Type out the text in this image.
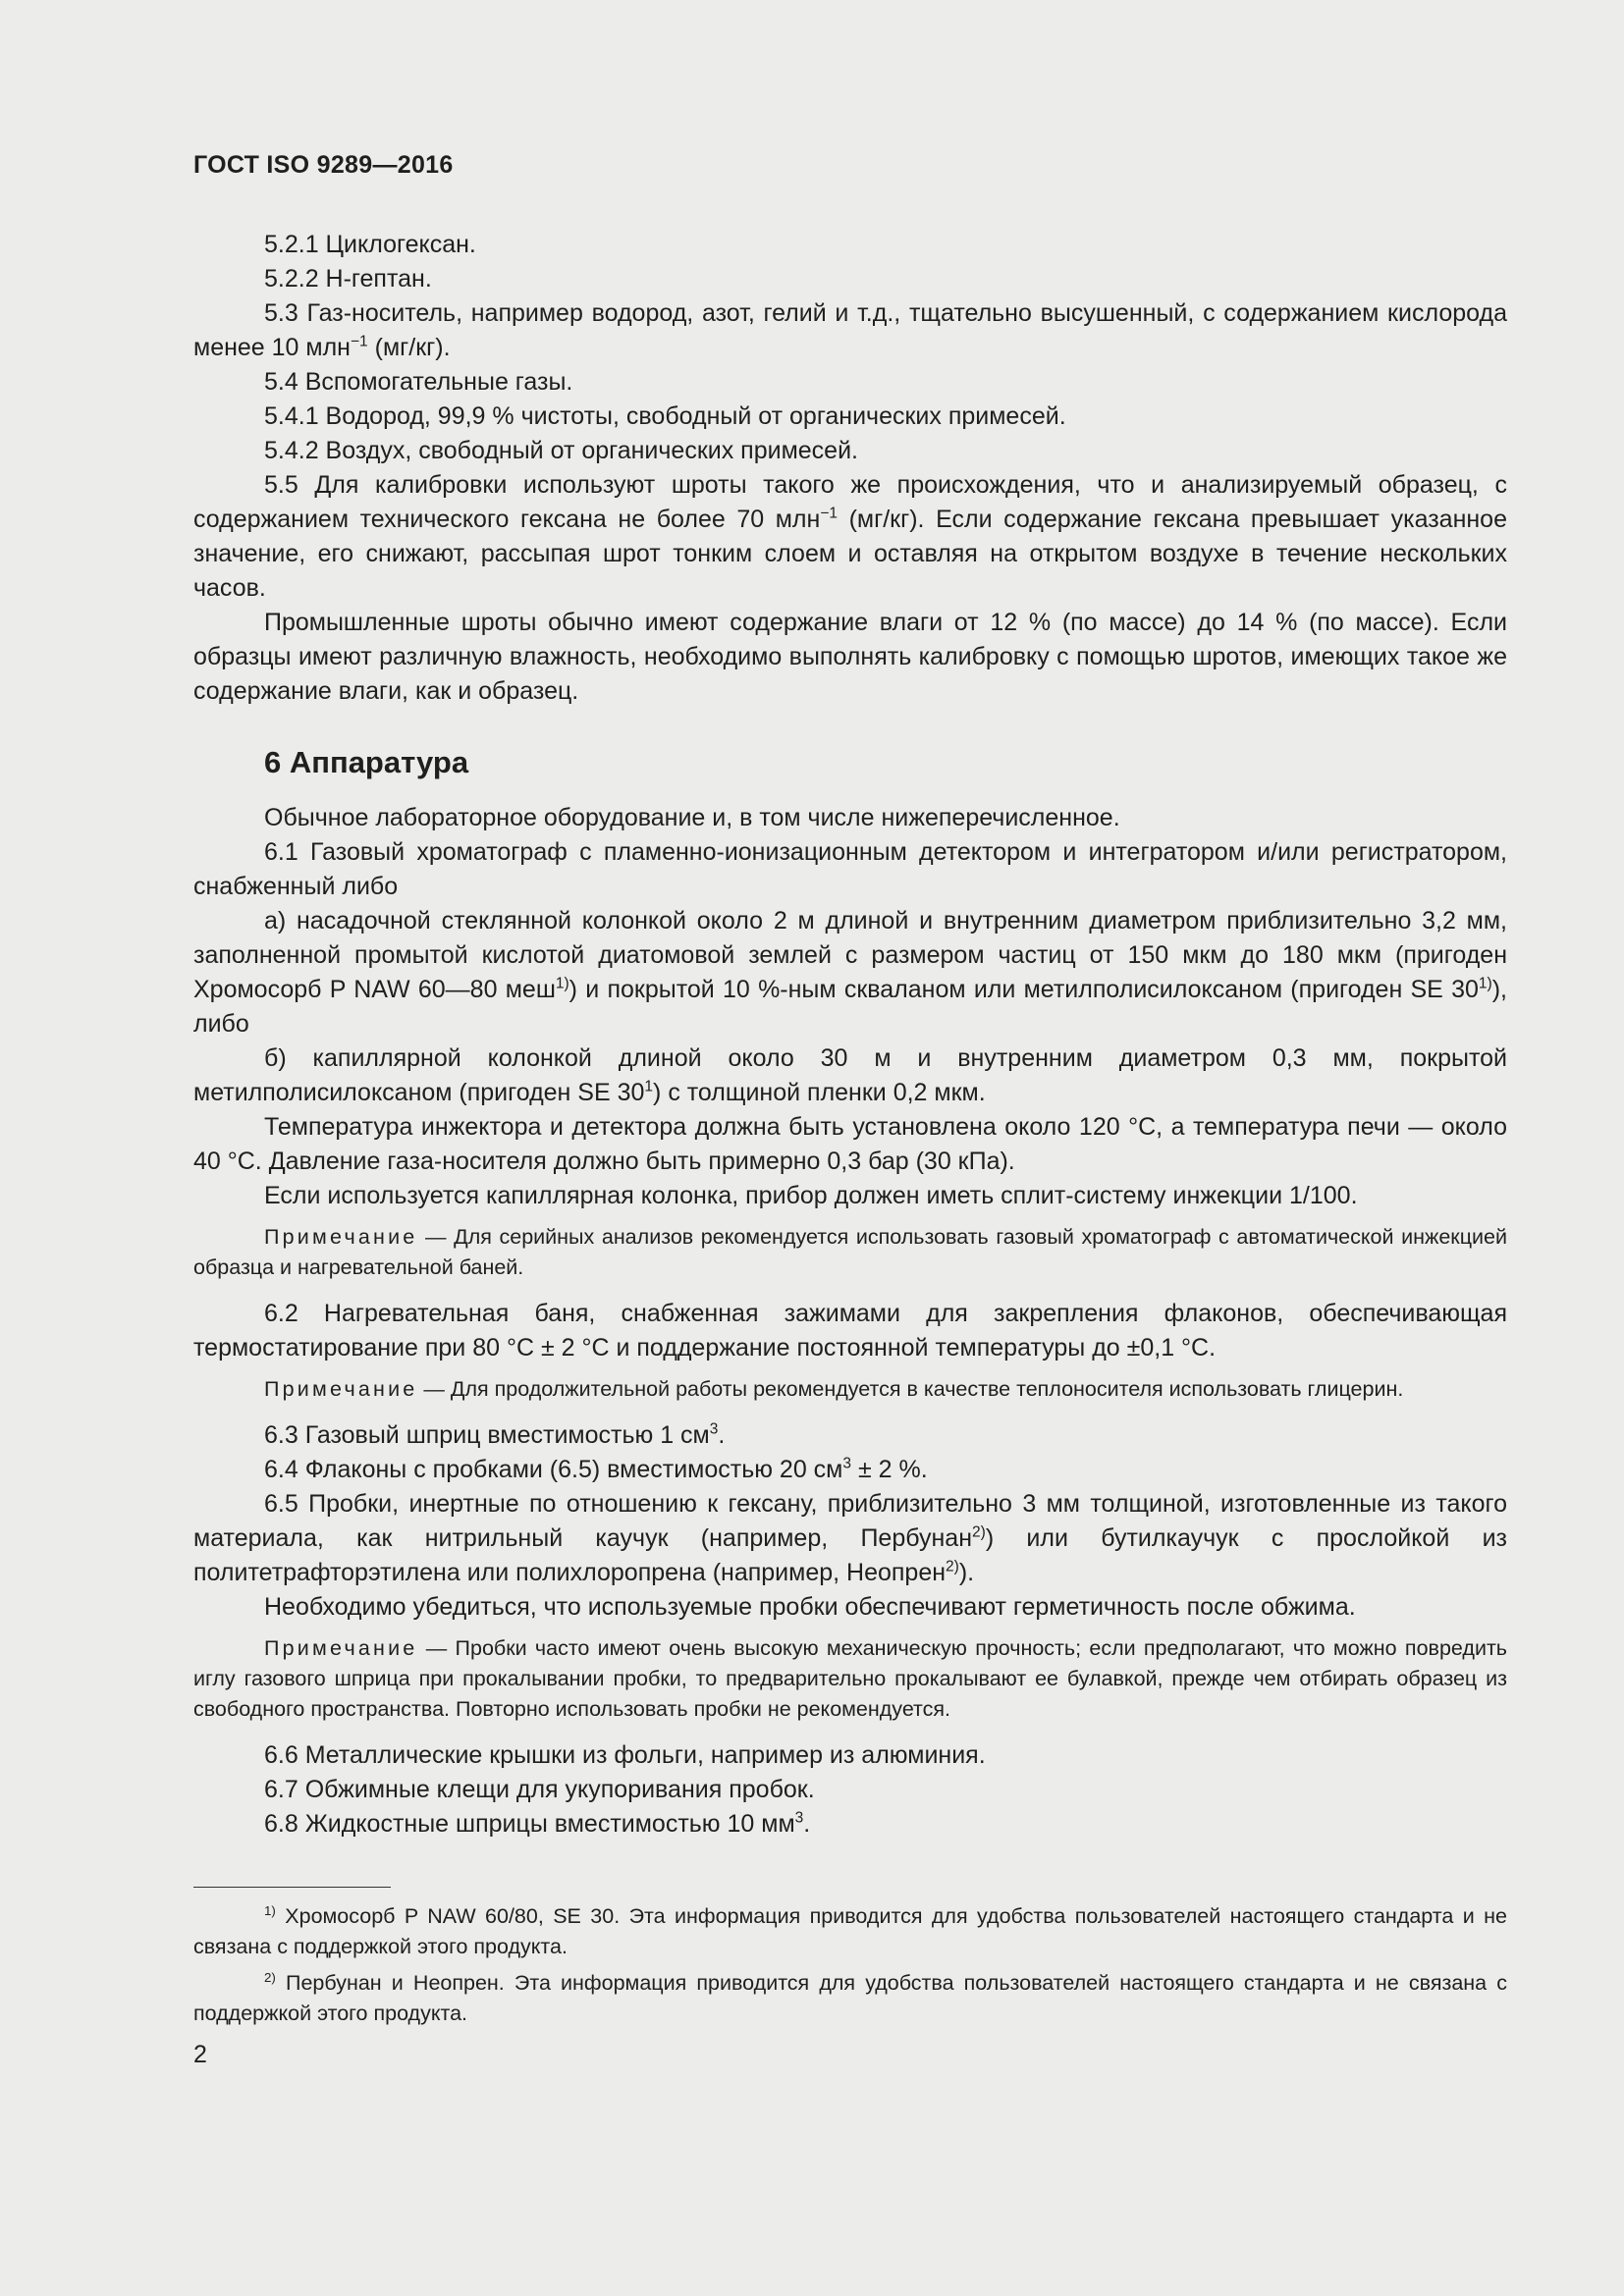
ГОСТ ISO 9289—2016

5.2.1 Циклогексан.

5.2.2 Н-гептан.

5.3 Газ-носитель, например водород, азот, гелий и т.д., тщательно высушенный, с содержанием кислорода менее 10 млн$^{-1}$ (мг/кг).

5.4 Вспомогательные газы.

5.4.1 Водород, 99,9 % чистоты, свободный от органических примесей.

5.4.2 Воздух, свободный от органических примесей.

5.5 Для калибровки используют шроты такого же происхождения, что и анализируемый образец, с содержанием технического гексана не более 70 млн$^{-1}$ (мг/кг). Если содержание гексана превышает указанное значение, его снижают, рассыпая шрот тонким слоем и оставляя на открытом воздухе в течение нескольких часов.

Промышленные шроты обычно имеют содержание влаги от 12 % (по массе) до 14 % (по массе). Если образцы имеют различную влажность, необходимо выполнять калибровку с помощью шротов, имеющих такое же содержание влаги, как и образец.

6 Аппаратура

Обычное лабораторное оборудование и, в том числе нижеперечисленное.

6.1 Газовый хроматограф с пламенно-ионизационным детектором и интегратором и/или регистратором, снабженный либо

а) насадочной стеклянной колонкой около 2 м длиной и внутренним диаметром приблизительно 3,2 мм, заполненной промытой кислотой диатомовой землей с размером частиц от 150 мкм до 180 мкм (пригоден Хромосорб P NAW 60—80 меш$^{1)}$) и покрытой 10 %-ным скваланом или метилполисилоксаном (пригоден SE 30$^{1)}$), либо

б) капиллярной колонкой длиной около 30 м и внутренним диаметром 0,3 мм, покрытой метилполисилоксаном (пригоден SE $30^1$) с толщиной пленки 0,2 мкм.

Температура инжектора и детектора должна быть установлена около 120 °С, а температура печи — около 40 °С. Давление газа-носителя должно быть примерно 0,3 бар (30 кПа).

Если используется капиллярная колонка, прибор должен иметь сплит-систему инжекции 1/100.

Примечание — Для серийных анализов рекомендуется использовать газовый хроматограф с автоматической инжекцией образца и нагревательной баней.

6.2 Нагревательная баня, снабженная зажимами для закрепления флаконов, обеспечивающая термостатирование при 80 °С ± 2 °С и поддержание постоянной температуры до ±0,1 °С.

Примечание — Для продолжительной работы рекомендуется в качестве теплоносителя использовать глицерин.

6.3 Газовый шприц вместимостью 1 $см^3$.

6.4 Флаконы с пробками (6.5) вместимостью 20 $см^3 \pm 2$ %.

6.5 Пробки, инертные по отношению к гексану, приблизительно 3 мм толщиной, изготовленные из такого материала, как нитрильный каучук (например, Пербунан$^{2)}$) или бутилкаучук с прослойкой из политетрафторэтилена или полихлоропрена (например, Неопрен$^{2)}$).

Необходимо убедиться, что используемые пробки обеспечивают герметичность после обжима.

Примечание — Пробки часто имеют очень высокую механическую прочность; если предполагают, что можно повредить иглу газового шприца при прокалывании пробки, то предварительно прокалывают ее булавкой, прежде чем отбирать образец из свободного пространства. Повторно использовать пробки не рекомендуется.

6.6 Металлические крышки из фольги, например из алюминия.

6.7 Обжимные клещи для укупоривания пробок.

6.8 Жидкостные шприцы вместимостью 10 $мм^3$.

$^{1)}$ Хромосорб P NAW 60/80, SE 30. Эта информация приводится для удобства пользователей настоящего стандарта и не связана с поддержкой этого продукта.

$^{2)}$ Пербунан и Неопрен. Эта информация приводится для удобства пользователей настоящего стандарта и не связана с поддержкой этого продукта.

2
